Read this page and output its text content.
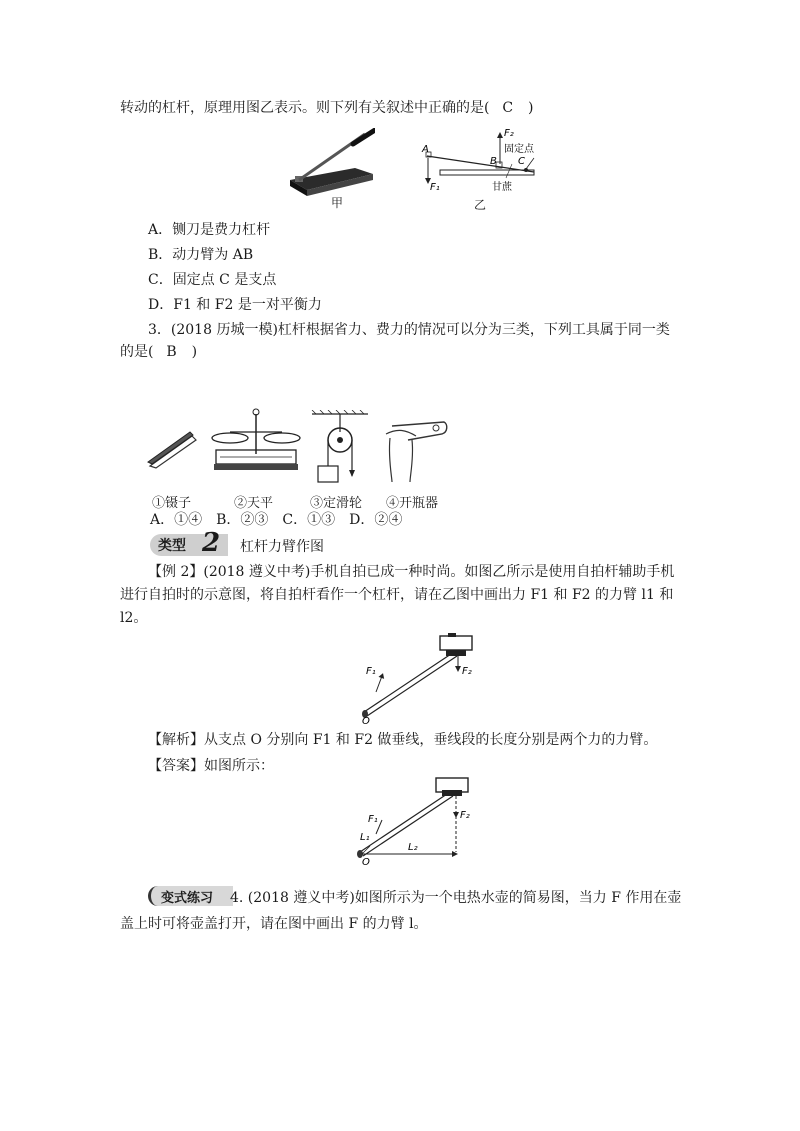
转动的杠杆，原理用图乙表示。则下列有关叙述中正确的是( C )
甲
A
B C
F₁
F₂
固定点
甘蔗
乙
A．铡刀是费力杠杆
B．动力臂为 AB
C．固定点 C 是支点
D．F1 和 F2 是一对平衡力
3．(2018 历城一模)杠杆根据省力、费力的情况可以分为三类，下列工具属于同一类
的是( B )
①镊子	②天平	③定滑轮 ④开瓶器
A．①④　B．②③　C．①③　D．②④
类型 2 杠杆力臂作图
【例 2】(2018 遵义中考)手机自拍已成一种时尚。如图乙所示是使用自拍杆辅助手机
进行自拍时的示意图，将自拍杆看作一个杠杆，请在乙图中画出力 F1 和 F2 的力臂 l1 和
l2。
F₁	F₂
O
【解析】从支点 O 分别向 F1 和 F2 做垂线，垂线段的长度分别是两个力的力臂。
【答案】如图所示：
F₁	F₂
L₁
L₂
O
变式练习 4. (2018 遵义中考)如图所示为一个电热水壶的简易图，当力 F 作用在壶
盖上时可将壶盖打开，请在图中画出 F 的力臂 l。
